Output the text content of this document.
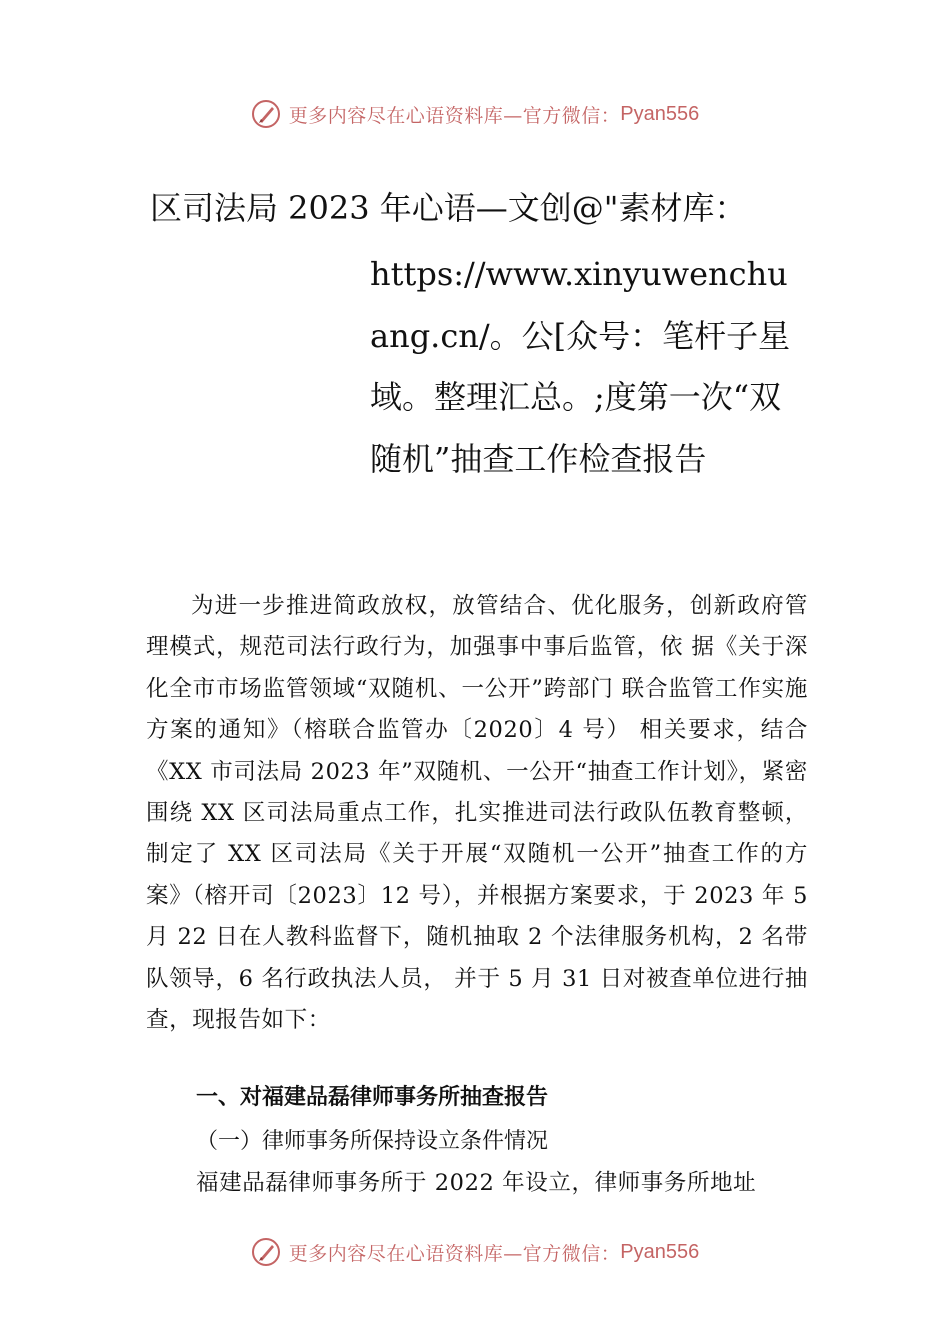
更多内容尽在心语资料库—官方微信： Pyan556
区司法局 2023 年心语—文创@"素材库：
https://www.xinyuwenchuang.cn/。公[众号：笔杆子星域。整理汇总。;度第一次“双随机”抽查工作检查报告
为进一步推进简政放权，放管结合、优化服务，创新政府管理模式，规范司法行政行为，加强事中事后监管，依 据《关于深化全市市场监管领域“双随机、一公开”跨部门 联合监管工作实施方案的通知》（榕联合监管办〔2020〕4 号） 相关要求，结合《XX 市司法局 2023 年”双随机、一公开“抽查工作计划》，紧密围绕 XX 区司法局重点工作，扎实推进司法行政队伍教育整顿，制定了 XX 区司法局《关于开展“双随机一公开”抽查工作的方案》（榕开司〔2023〕12 号），并根据方案要求，于 2023 年 5 月 22 日在人教科监督下，随机抽取 2 个法律服务机构，2 名带队领导，6 名行政执法人员， 并于 5 月 31 日对被查单位进行抽查，现报告如下：
一、对福建品磊律师事务所抽查报告
（一）律师事务所保持设立条件情况
福建品磊律师事务所于 2022 年设立，律师事务所地址
更多内容尽在心语资料库—官方微信： Pyan556
